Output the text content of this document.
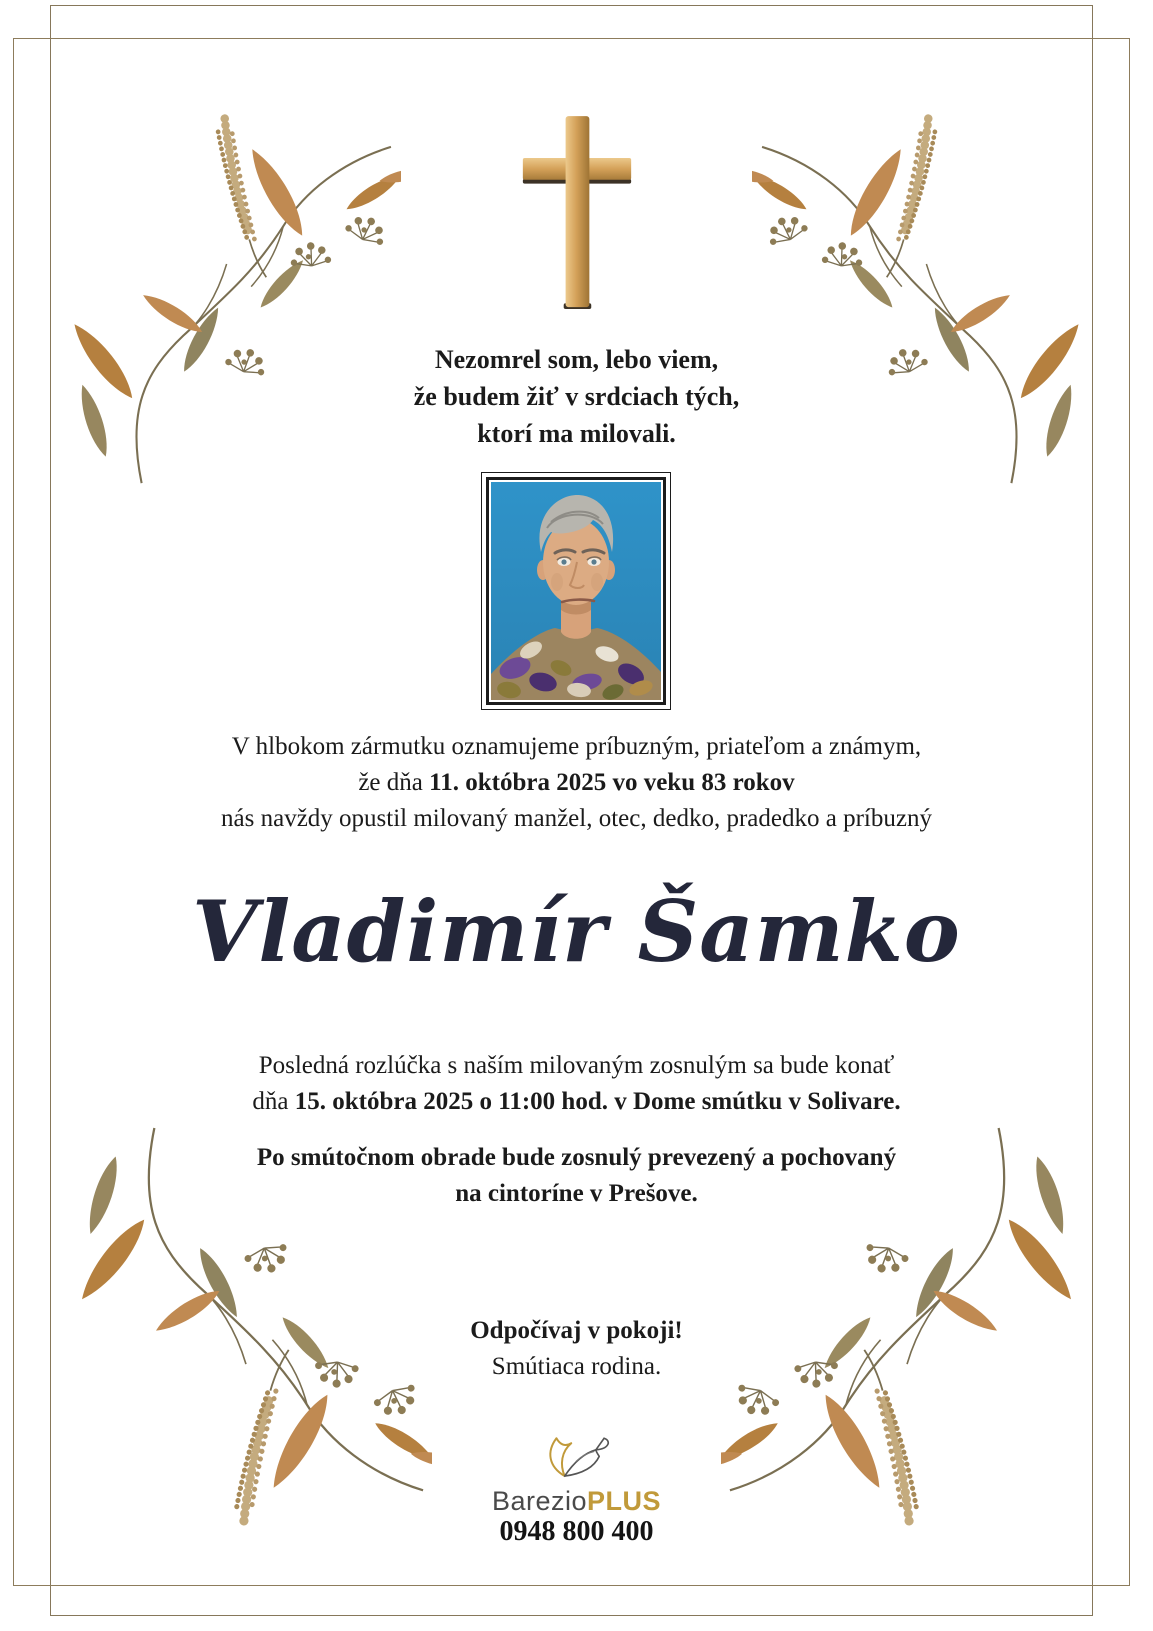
Nezomrel som, lebo viem,
že budem žiť v srdciach tých,
ktorí ma milovali.
V hlbokom zármutku oznamujeme príbuzným, priateľom a známym,
že dňa 11. októbra 2025 vo veku 83 rokov
nás navždy opustil milovaný manžel, otec, dedko, pradedko a príbuzný
Vladimír Šamko
Posledná rozlúčka s naším milovaným zosnulým sa bude konať
dňa 15. októbra 2025 o 11:00 hod. v Dome smútku v Solivare.
Po smútočnom obrade bude zosnulý prevezený a pochovaný
na cintoríne v Prešove.
Odpočívaj v pokoji!
Smútiaca rodina.
BarezioPLUS
0948 800 400
